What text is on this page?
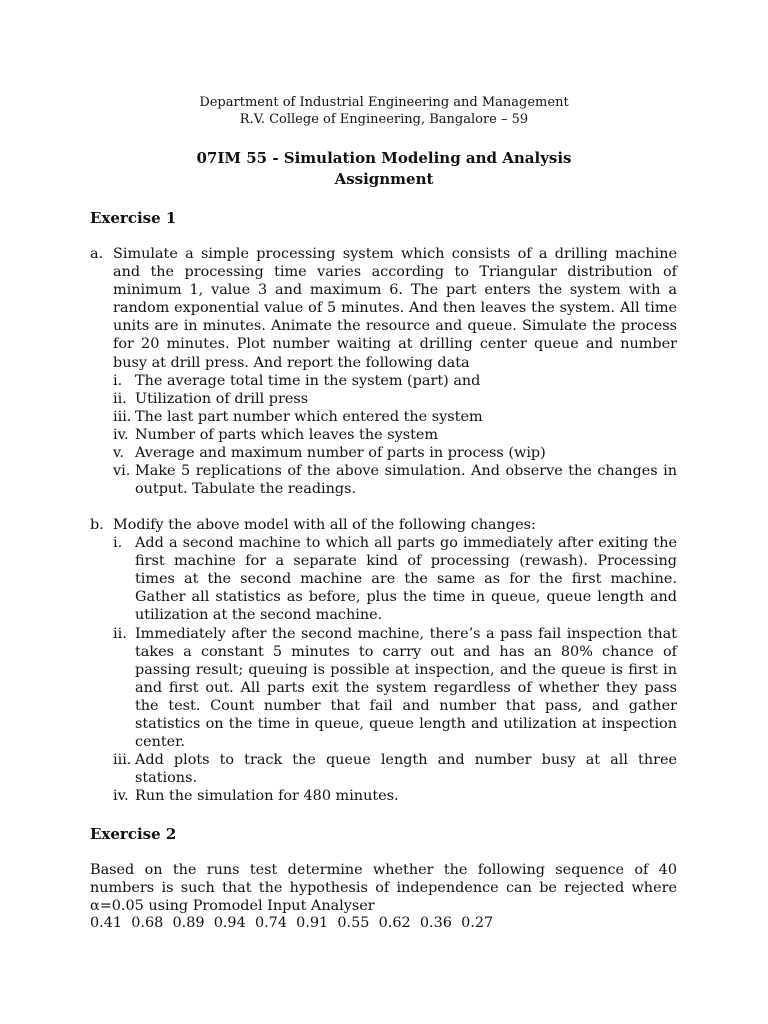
Department of Industrial Engineering and Management
R.V. College of Engineering, Bangalore – 59
07IM 55 - Simulation Modeling and Analysis
Assignment
Exercise 1
a. Simulate a simple processing system which consists of a drilling machine and the processing time varies according to Triangular distribution of minimum 1, value 3 and maximum 6. The part enters the system with a random exponential value of 5 minutes. And then leaves the system. All time units are in minutes. Animate the resource and queue. Simulate the process for 20 minutes. Plot number waiting at drilling center queue and number busy at drill press. And report the following data
i. The average total time in the system (part) and
ii. Utilization of drill press
iii. The last part number which entered the system
iv. Number of parts which leaves the system
v. Average and maximum number of parts in process (wip)
vi. Make 5 replications of the above simulation. And observe the changes in output. Tabulate the readings.
b. Modify the above model with all of the following changes:
i. Add a second machine to which all parts go immediately after exiting the first machine for a separate kind of processing (rewash). Processing times at the second machine are the same as for the first machine. Gather all statistics as before, plus the time in queue, queue length and utilization at the second machine.
ii. Immediately after the second machine, there’s a pass fail inspection that takes a constant 5 minutes to carry out and has an 80% chance of passing result; queuing is possible at inspection, and the queue is first in and first out. All parts exit the system regardless of whether they pass the test. Count number that fail and number that pass, and gather statistics on the time in queue, queue length and utilization at inspection center.
iii. Add plots to track the queue length and number busy at all three stations.
iv. Run the simulation for 480 minutes.
Exercise 2
Based on the runs test determine whether the following sequence of 40 numbers is such that the hypothesis of independence can be rejected where α=0.05 using Promodel Input Analyser
0.41 0.68 0.89 0.94 0.74 0.91 0.55 0.62 0.36 0.27
